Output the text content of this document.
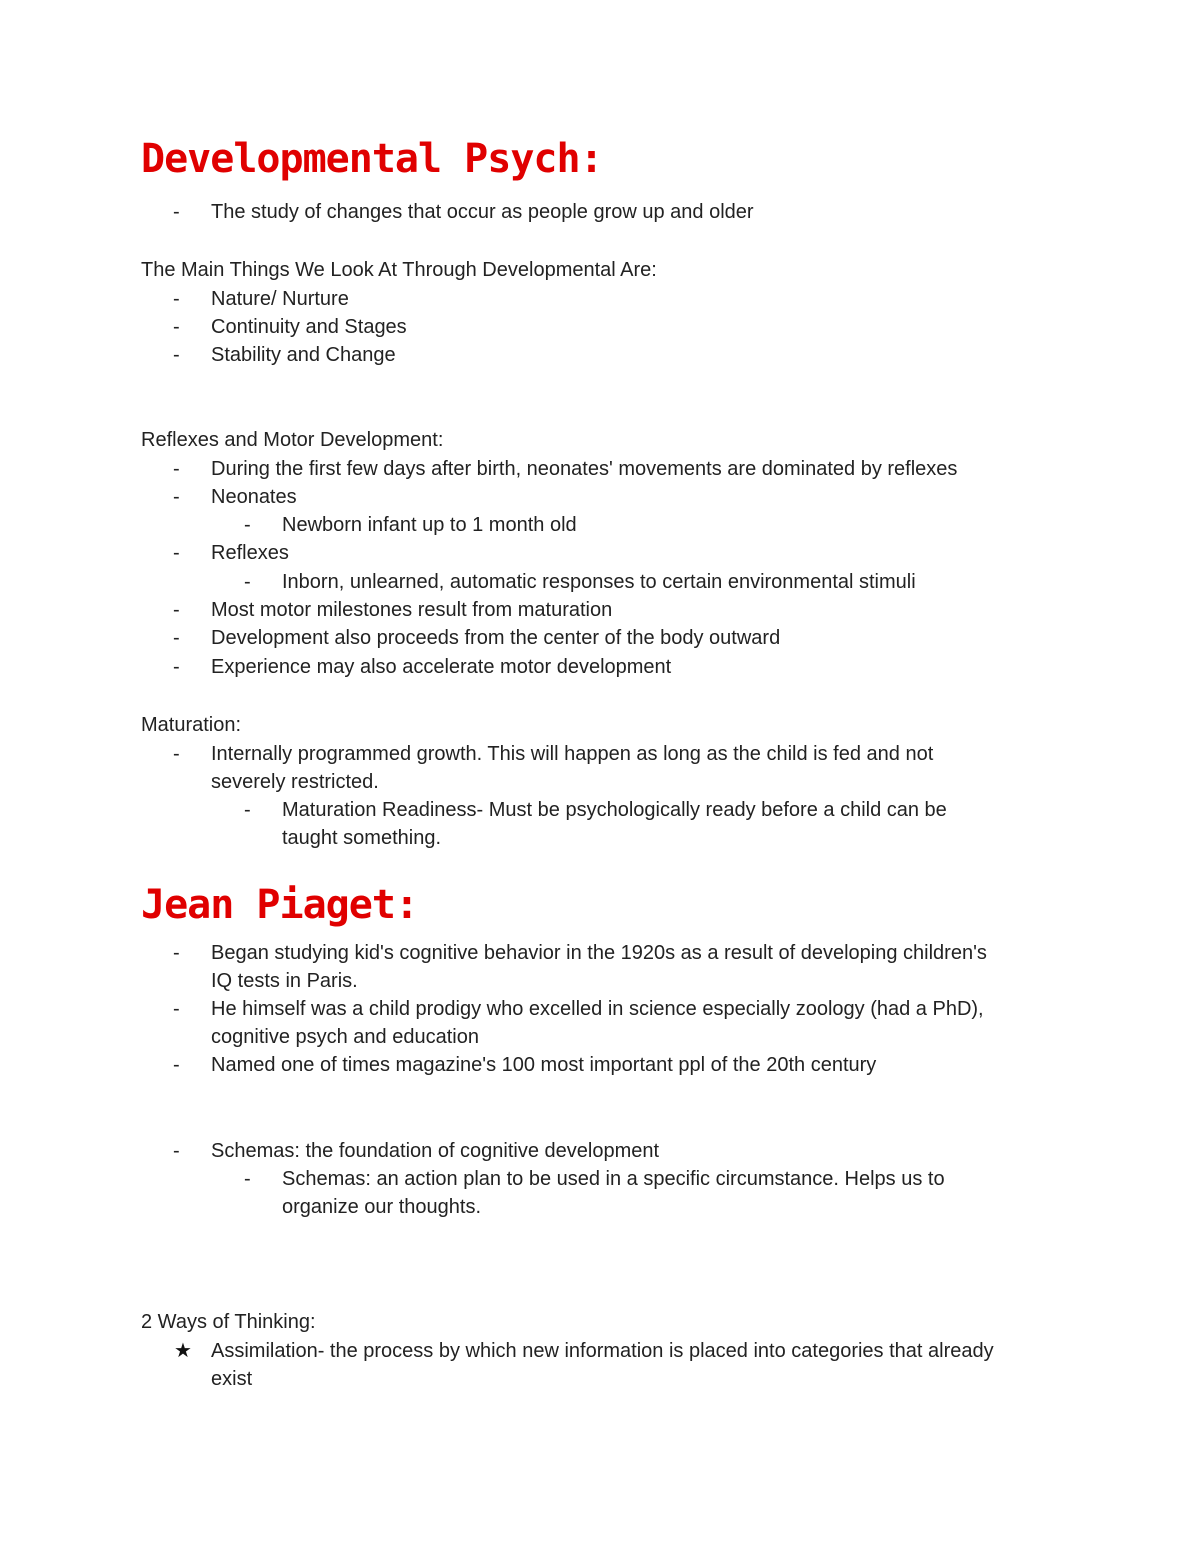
Developmental Psych:
- The study of changes that occur as people grow up and older
The Main Things We Look At Through Developmental Are:
- Nature/ Nurture
- Continuity and Stages
- Stability and Change
Reflexes and Motor Development:
- During the first few days after birth, neonates' movements are dominated by reflexes
- Neonates
- Newborn infant up to 1 month old
- Reflexes
- Inborn, unlearned, automatic responses to certain environmental stimuli
- Most motor milestones result from maturation
- Development also proceeds from the center of the body outward
- Experience may also accelerate motor development
Maturation:
- Internally programmed growth. This will happen as long as the child is fed and not
severely restricted.
- Maturation Readiness- Must be psychologically ready before a child can be
taught something.
Jean Piaget:
- Began studying kid's cognitive behavior in the 1920s as a result of developing children's
IQ tests in Paris.
- He himself was a child prodigy who excelled in science especially zoology (had a PhD),
cognitive psych and education
- Named one of times magazine's 100 most important ppl of the 20th century
- Schemas: the foundation of cognitive development
- Schemas: an action plan to be used in a specific circumstance. Helps us to
organize our thoughts.
2 Ways of Thinking:
★ Assimilation- the process by which new information is placed into categories that already
exist
